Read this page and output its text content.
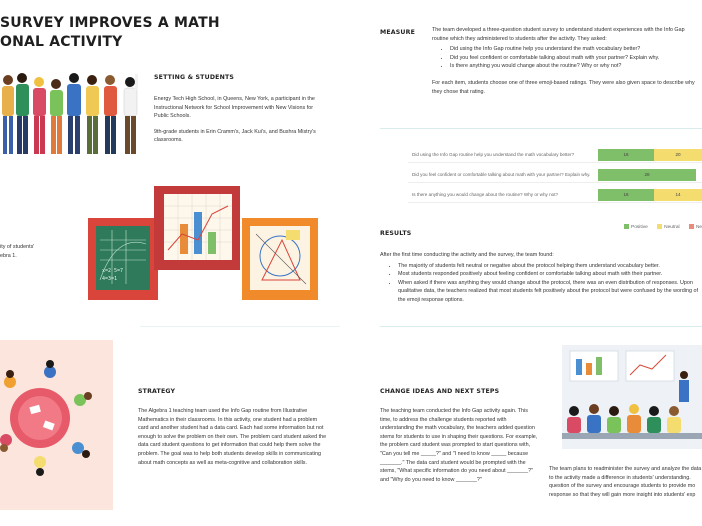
SURVEY IMPROVES A MATH
ONAL ACTIVITY
SETTING & STUDENTS
Energy Tech High School, in Queens, New York, a participant in the Instructional Network for School Improvement with New Visions for Public Schools.
9th-grade students in Erin Cramm's, Jack Kui's, and Bushra Mistry's classrooms.
ity of students'
ebra 1.
x=2 5=7
4=3=1
MEASURE	The team developed a three-question student survey to understand student experiences with the Info Gap routine which they administered to students after the activity. They asked:
• Did using the Info Gap routine help you understand the math vocabulary better?
• Did you feel confident or comfortable talking about math with your partner? Explain why.
• Is there anything you would change about the routine? Why or why not?
For each item, students choose one of three emoji-based ratings. They were also given space to describe why they chose that rating.
Did using the Info Gap routine help you understand the math vocabulary better?	16	20
Did you feel confident or comfortable talking about math with your partner? Explain why.	28
Is there anything you would change about the routine? Why or why not?	16	14
Positive	Neutral	Ne
RESULTS
After the first time conducting the activity and the survey, the team found:
• The majority of students felt neutral or negative about the protocol helping them understand vocabulary better.
• Most students responded positively about feeling confident or comfortable talking about math with their partner.
• When asked if there was anything they would change about the protocol, there was an even distribution of responses. Upon qualitative data, the teachers realized that most students felt positively about the protocol but were confused by the wording of the emoji response options.
STRATEGY
The Algebra 1 teaching team used the Info Gap routine from Illustrative Mathematics in their classrooms. In this activity, one student had a problem card and another student had a data card. Each had some information but not enough to solve the problem on their own. The problem card student asked the data card student questions to get information that could help them solve the problem. The goal was to help both students develop skills in communicating about math concepts as well as meta-cognitive and collaboration skills.
CHANGE IDEAS AND NEXT STEPS
The teaching team conducted the Info Gap activity again. This time, to address the challenge students reported with understanding the math vocabulary, the teachers added question stems for students to use in shaping their questions. For example, the problem card student was prompted to start questions with, "Can you tell me _____?" and "I need to know _____ because _______." The data card student would be prompted with the stems, "What specific information do you need about _______?" and "Why do you need to know _______?"
The team plans to readminister the survey and analyze the data to the activity made a difference in students' understanding. question of the survey and encourage students to provide mo response so that they will gain more insight into students' exp
